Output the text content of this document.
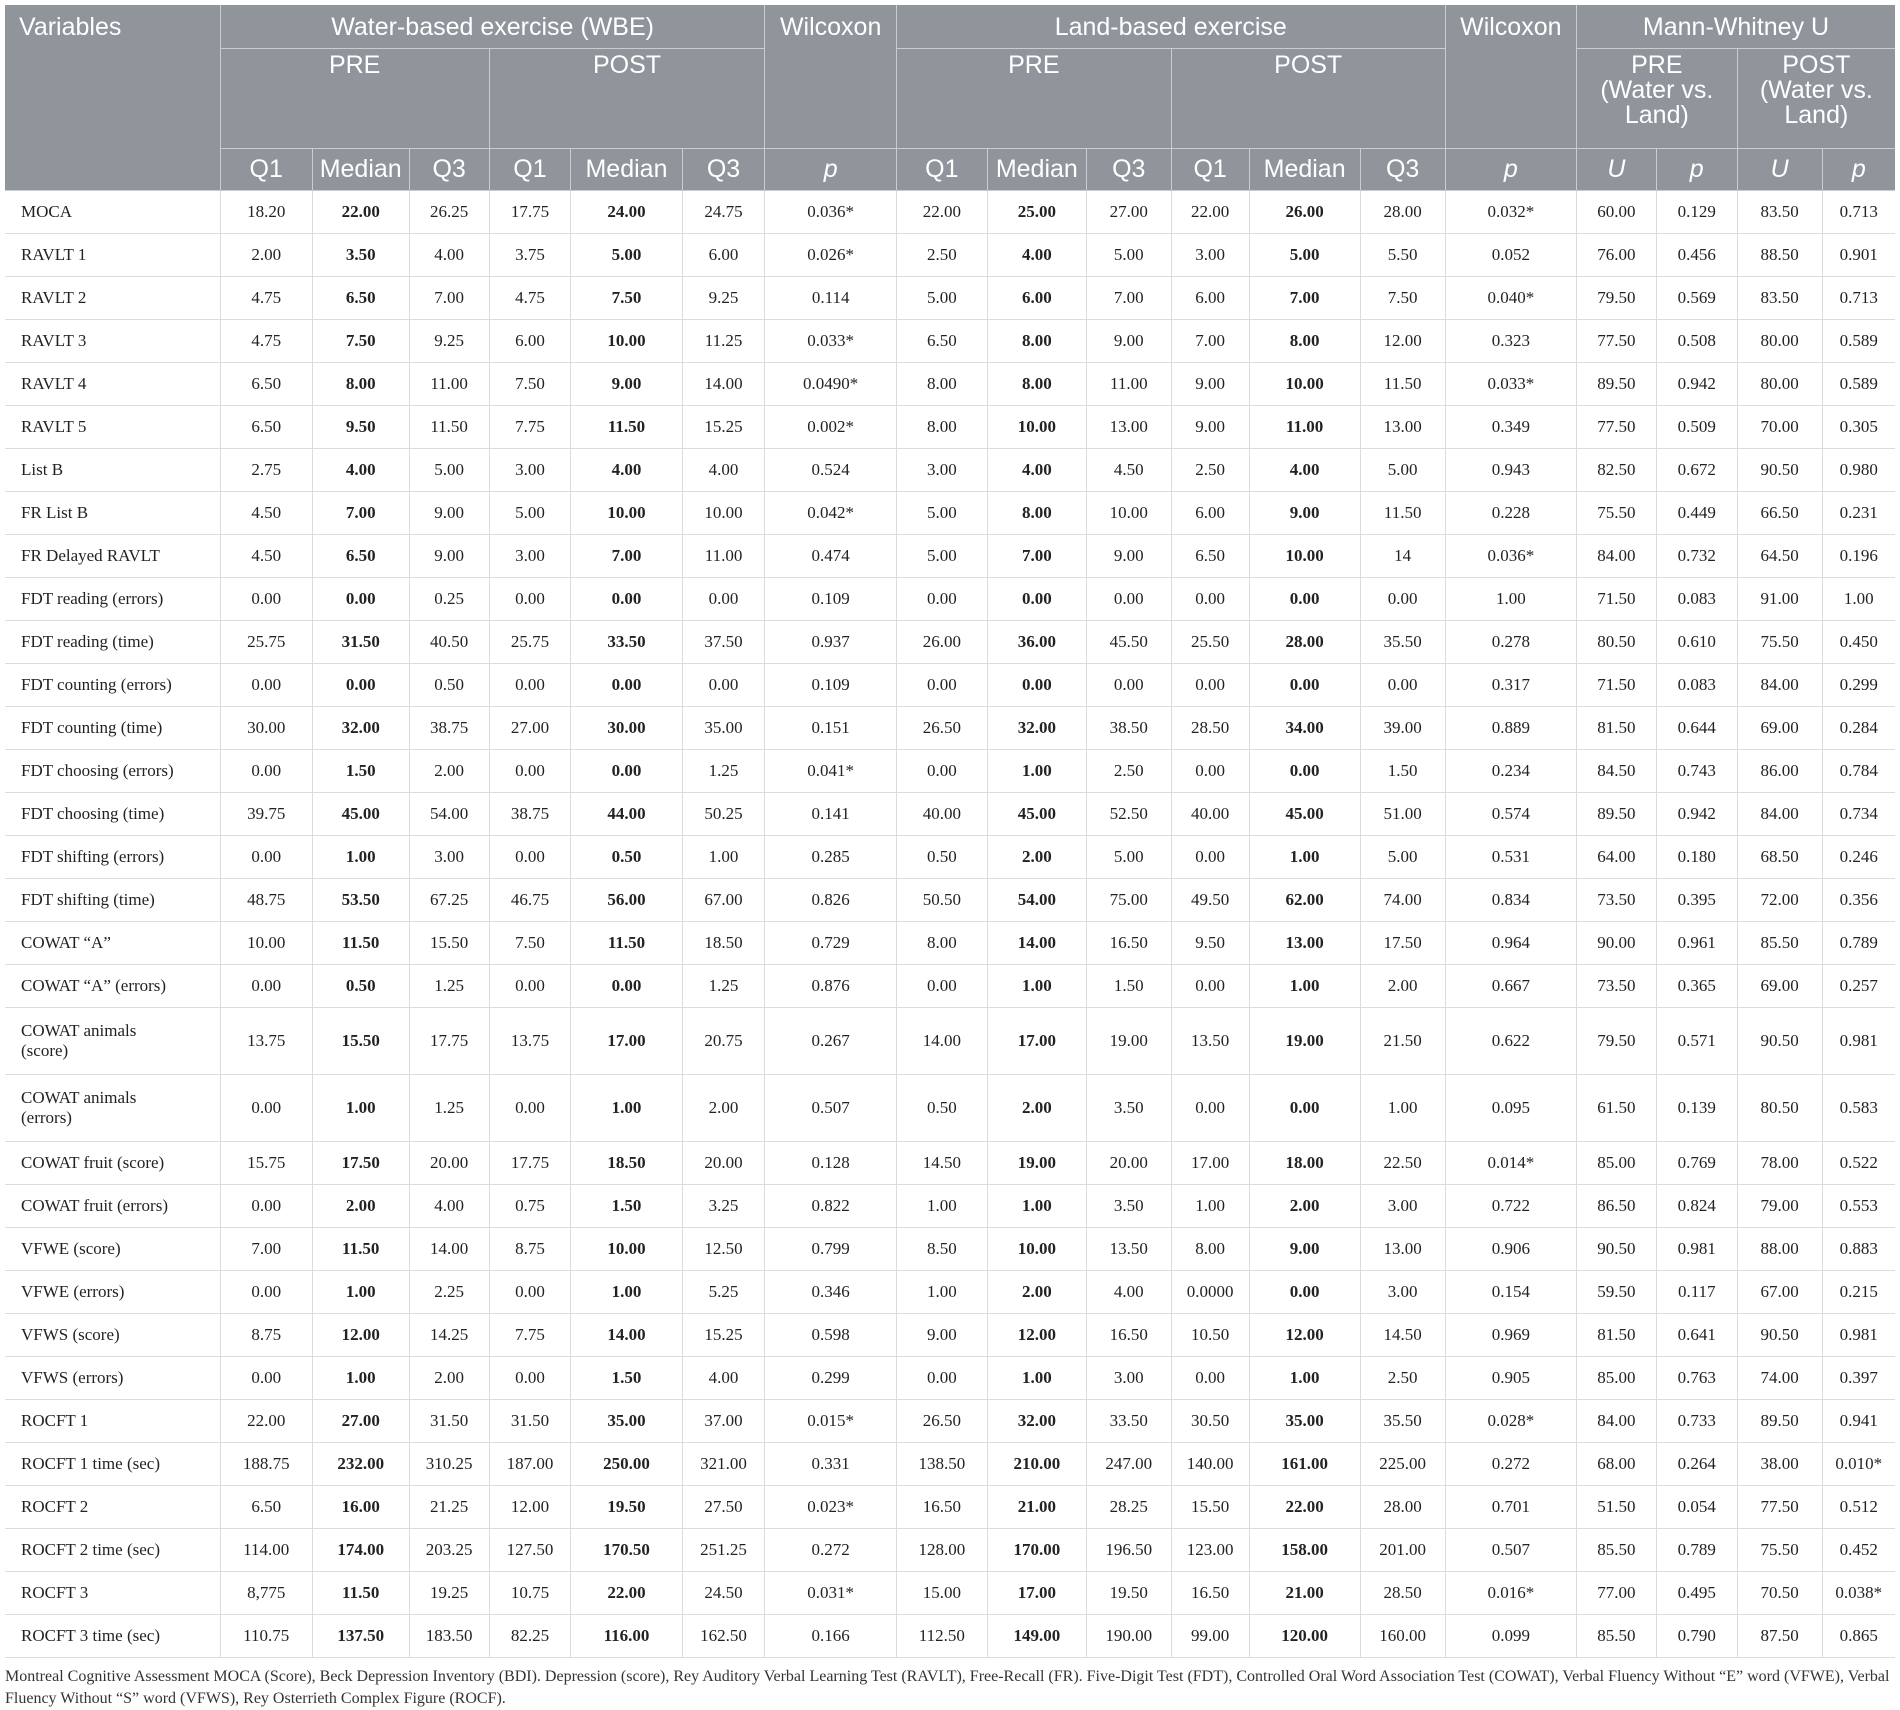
Variables	Water-based exercise (WBE)						Wilcoxon	Land-based exercise						Wilcoxon	Mann-Whitney U			
	PRE			POST				PRE			POST				PRE (Water vs. Land)		POST (Water vs. Land)	
	Q1	Median	Q3	Q1	Median	Q3	p	Q1	Median	Q3	Q1	Median	Q3	p	U	p	U	p
MOCA	18.20	22.00	26.25	17.75	24.00	24.75	0.036*	22.00	25.00	27.00	22.00	26.00	28.00	0.032*	60.00	0.129	83.50	0.713
RAVLT 1	2.00	3.50	4.00	3.75	5.00	6.00	0.026*	2.50	4.00	5.00	3.00	5.00	5.50	0.052	76.00	0.456	88.50	0.901
RAVLT 2	4.75	6.50	7.00	4.75	7.50	9.25	0.114	5.00	6.00	7.00	6.00	7.00	7.50	0.040*	79.50	0.569	83.50	0.713
RAVLT 3	4.75	7.50	9.25	6.00	10.00	11.25	0.033*	6.50	8.00	9.00	7.00	8.00	12.00	0.323	77.50	0.508	80.00	0.589
RAVLT 4	6.50	8.00	11.00	7.50	9.00	14.00	0.0490*	8.00	8.00	11.00	9.00	10.00	11.50	0.033*	89.50	0.942	80.00	0.589
RAVLT 5	6.50	9.50	11.50	7.75	11.50	15.25	0.002*	8.00	10.00	13.00	9.00	11.00	13.00	0.349	77.50	0.509	70.00	0.305
List B	2.75	4.00	5.00	3.00	4.00	4.00	0.524	3.00	4.00	4.50	2.50	4.00	5.00	0.943	82.50	0.672	90.50	0.980
FR List B	4.50	7.00	9.00	5.00	10.00	10.00	0.042*	5.00	8.00	10.00	6.00	9.00	11.50	0.228	75.50	0.449	66.50	0.231
FR Delayed RAVLT	4.50	6.50	9.00	3.00	7.00	11.00	0.474	5.00	7.00	9.00	6.50	10.00	14	0.036*	84.00	0.732	64.50	0.196
FDT reading (errors)	0.00	0.00	0.25	0.00	0.00	0.00	0.109	0.00	0.00	0.00	0.00	0.00	0.00	1.00	71.50	0.083	91.00	1.00
FDT reading (time)	25.75	31.50	40.50	25.75	33.50	37.50	0.937	26.00	36.00	45.50	25.50	28.00	35.50	0.278	80.50	0.610	75.50	0.450
FDT counting (errors)	0.00	0.00	0.50	0.00	0.00	0.00	0.109	0.00	0.00	0.00	0.00	0.00	0.00	0.317	71.50	0.083	84.00	0.299
FDT counting (time)	30.00	32.00	38.75	27.00	30.00	35.00	0.151	26.50	32.00	38.50	28.50	34.00	39.00	0.889	81.50	0.644	69.00	0.284
FDT choosing (errors)	0.00	1.50	2.00	0.00	0.00	1.25	0.041*	0.00	1.00	2.50	0.00	0.00	1.50	0.234	84.50	0.743	86.00	0.784
FDT choosing (time)	39.75	45.00	54.00	38.75	44.00	50.25	0.141	40.00	45.00	52.50	40.00	45.00	51.00	0.574	89.50	0.942	84.00	0.734
FDT shifting (errors)	0.00	1.00	3.00	0.00	0.50	1.00	0.285	0.50	2.00	5.00	0.00	1.00	5.00	0.531	64.00	0.180	68.50	0.246
FDT shifting (time)	48.75	53.50	67.25	46.75	56.00	67.00	0.826	50.50	54.00	75.00	49.50	62.00	74.00	0.834	73.50	0.395	72.00	0.356
COWAT “A”	10.00	11.50	15.50	7.50	11.50	18.50	0.729	8.00	14.00	16.50	9.50	13.00	17.50	0.964	90.00	0.961	85.50	0.789
COWAT “A” (errors)	0.00	0.50	1.25	0.00	0.00	1.25	0.876	0.00	1.00	1.50	0.00	1.00	2.00	0.667	73.50	0.365	69.00	0.257
COWAT animals (score)	13.75	15.50	17.75	13.75	17.00	20.75	0.267	14.00	17.00	19.00	13.50	19.00	21.50	0.622	79.50	0.571	90.50	0.981
COWAT animals (errors)	0.00	1.00	1.25	0.00	1.00	2.00	0.507	0.50	2.00	3.50	0.00	0.00	1.00	0.095	61.50	0.139	80.50	0.583
COWAT fruit (score)	15.75	17.50	20.00	17.75	18.50	20.00	0.128	14.50	19.00	20.00	17.00	18.00	22.50	0.014*	85.00	0.769	78.00	0.522
COWAT fruit (errors)	0.00	2.00	4.00	0.75	1.50	3.25	0.822	1.00	1.00	3.50	1.00	2.00	3.00	0.722	86.50	0.824	79.00	0.553
VFWE (score)	7.00	11.50	14.00	8.75	10.00	12.50	0.799	8.50	10.00	13.50	8.00	9.00	13.00	0.906	90.50	0.981	88.00	0.883
VFWE (errors)	0.00	1.00	2.25	0.00	1.00	5.25	0.346	1.00	2.00	4.00	0.0000	0.00	3.00	0.154	59.50	0.117	67.00	0.215
VFWS (score)	8.75	12.00	14.25	7.75	14.00	15.25	0.598	9.00	12.00	16.50	10.50	12.00	14.50	0.969	81.50	0.641	90.50	0.981
VFWS (errors)	0.00	1.00	2.00	0.00	1.50	4.00	0.299	0.00	1.00	3.00	0.00	1.00	2.50	0.905	85.00	0.763	74.00	0.397
ROCFT 1	22.00	27.00	31.50	31.50	35.00	37.00	0.015*	26.50	32.00	33.50	30.50	35.00	35.50	0.028*	84.00	0.733	89.50	0.941
ROCFT 1 time (sec)	188.75	232.00	310.25	187.00	250.00	321.00	0.331	138.50	210.00	247.00	140.00	161.00	225.00	0.272	68.00	0.264	38.00	0.010*
ROCFT 2	6.50	16.00	21.25	12.00	19.50	27.50	0.023*	16.50	21.00	28.25	15.50	22.00	28.00	0.701	51.50	0.054	77.50	0.512
ROCFT 2 time (sec)	114.00	174.00	203.25	127.50	170.50	251.25	0.272	128.00	170.00	196.50	123.00	158.00	201.00	0.507	85.50	0.789	75.50	0.452
ROCFT 3	8,775	11.50	19.25	10.75	22.00	24.50	0.031*	15.00	17.00	19.50	16.50	21.00	28.50	0.016*	77.00	0.495	70.50	0.038*
ROCFT 3 time (sec)	110.75	137.50	183.50	82.25	116.00	162.50	0.166	112.50	149.00	190.00	99.00	120.00	160.00	0.099	85.50	0.790	87.50	0.865
Montreal Cognitive Assessment MOCA (Score), Beck Depression Inventory (BDI). Depression (score), Rey Auditory Verbal Learning Test (RAVLT), Free-Recall (FR). Five-Digit Test (FDT), Controlled Oral Word Association Test (COWAT), Verbal Fluency Without “E” word (VFWE), Verbal Fluency Without “S” word (VFWS), Rey Osterrieth Complex Figure (ROCF).
